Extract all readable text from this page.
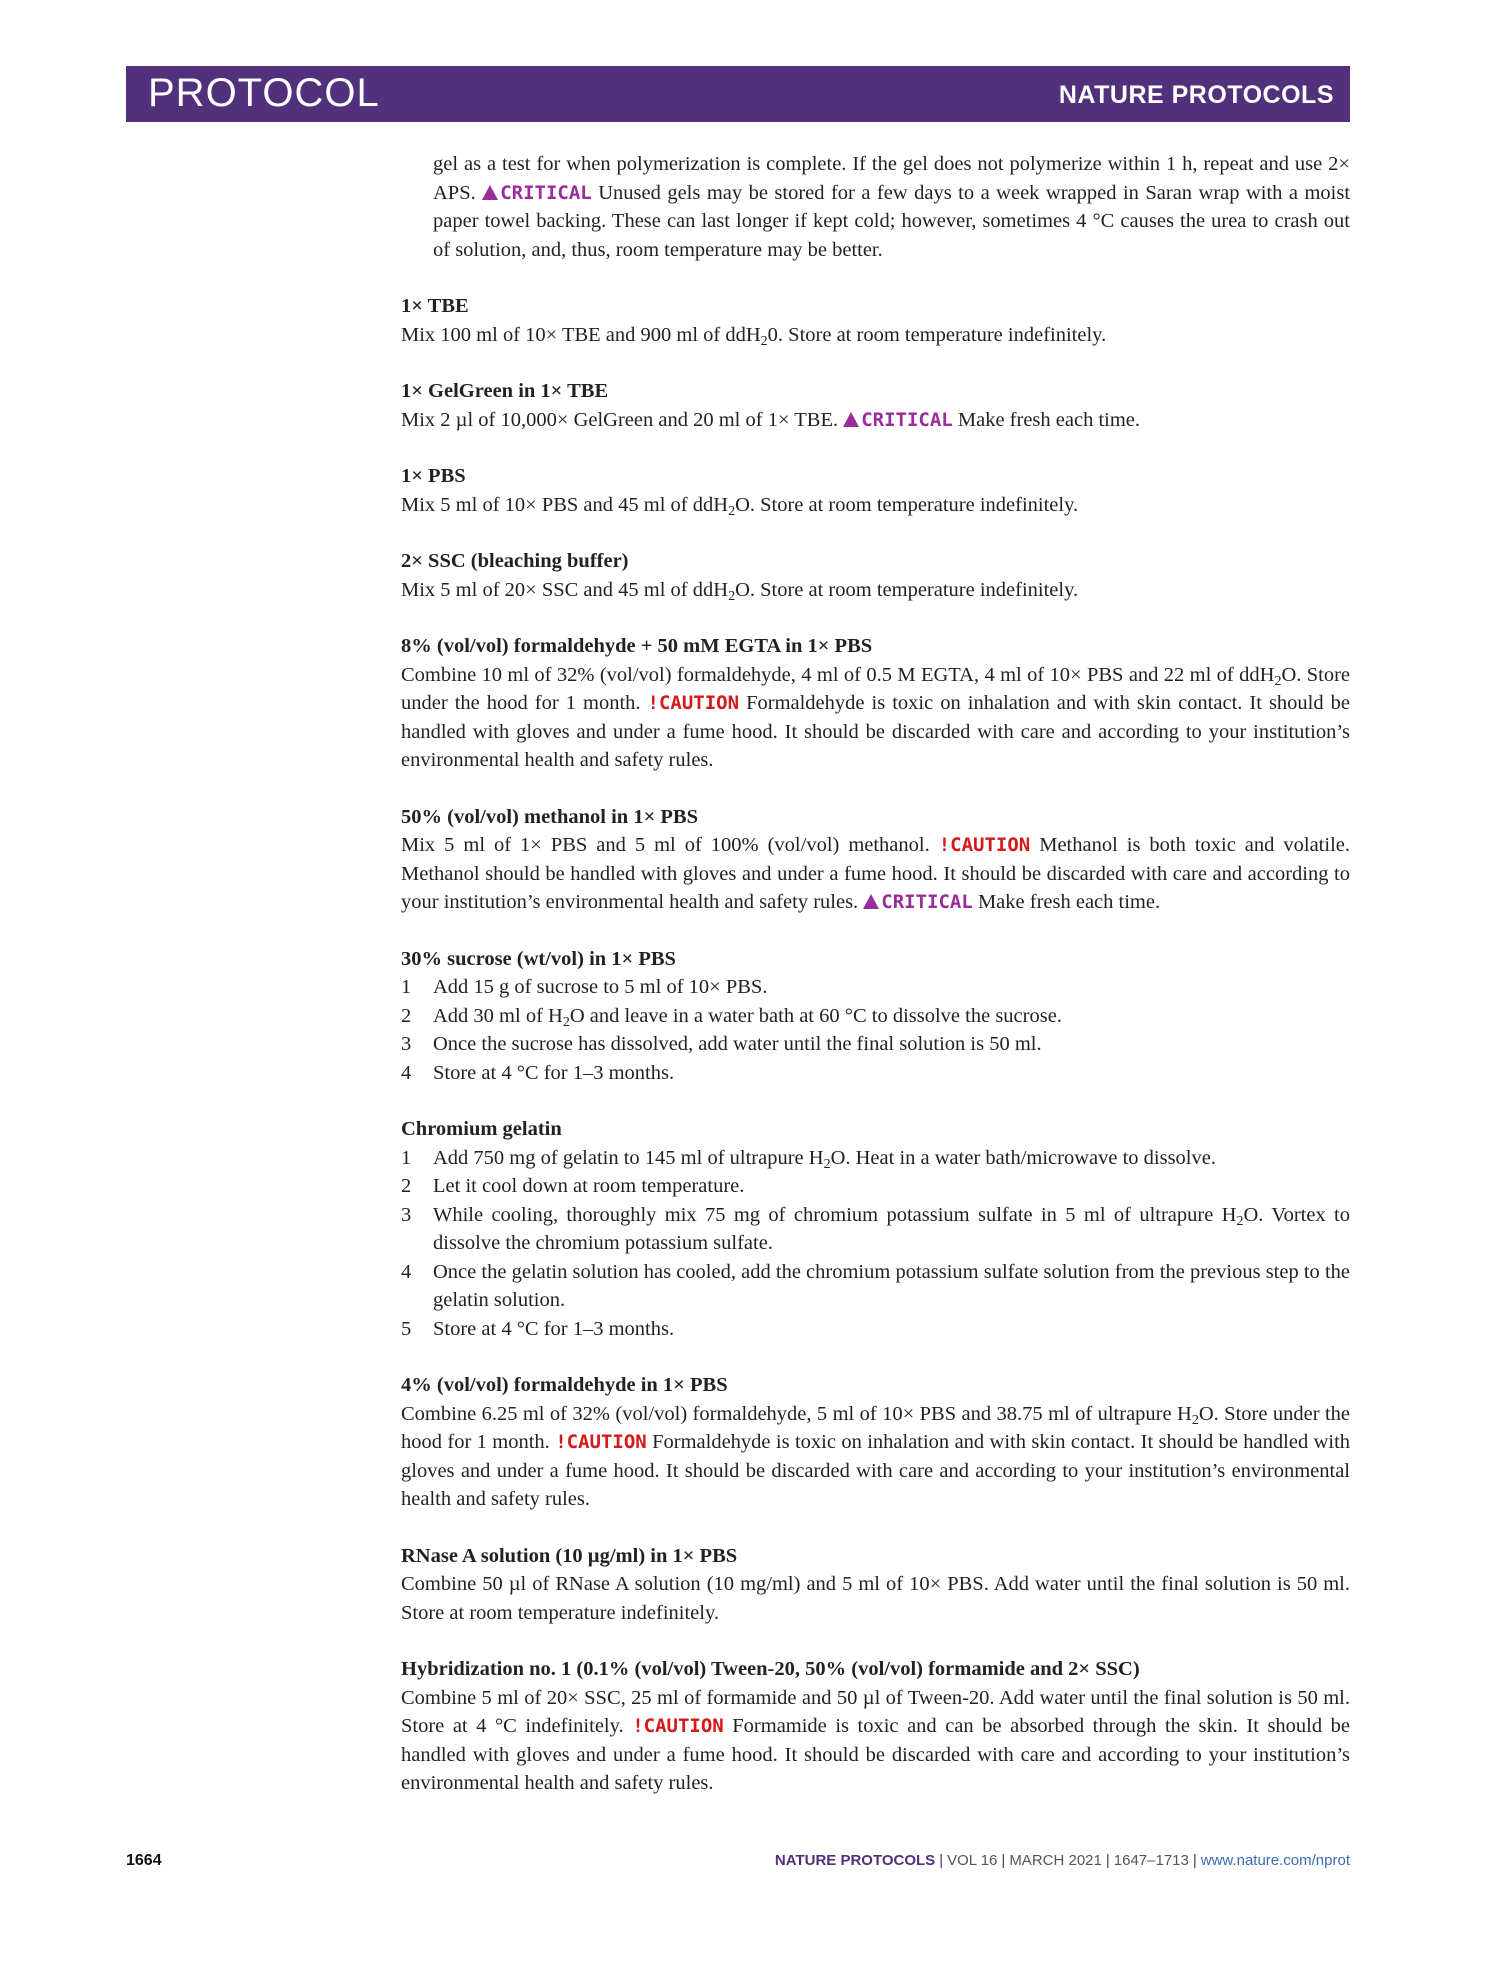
PROTOCOL	NATURE PROTOCOLS

gel as a test for when polymerization is complete. If the gel does not polymerize within 1 h, repeat and use 2× APS. CRITICAL Unused gels may be stored for a few days to a week wrapped in Saran wrap with a moist paper towel backing. These can last longer if kept cold; however, sometimes 4 °C causes the urea to crash out of solution, and, thus, room temperature may be better.

1× TBE

Mix 100 ml of 10× TBE and 900 ml of ddH$_2$0. Store at room temperature indefinitely.

1× GelGreen in 1× TBE

Mix 2 µl of 10,000× GelGreen and 20 ml of 1× TBE. CRITICAL Make fresh each time.

1× PBS

Mix 5 ml of 10× PBS and 45 ml of ddH$_2$O. Store at room temperature indefinitely.

2× SSC (bleaching buffer)

Mix 5 ml of 20× SSC and 45 ml of ddH$_2$O. Store at room temperature indefinitely.

8% (vol/vol) formaldehyde + 50 mM EGTA in 1× PBS

Combine 10 ml of 32% (vol/vol) formaldehyde, 4 ml of 0.5 M EGTA, 4 ml of 10× PBS and 22 ml of ddH$_2$O. Store under the hood for 1 month. !CAUTION Formaldehyde is toxic on inhalation and with skin contact. It should be handled with gloves and under a fume hood. It should be discarded with care and according to your institution’s environmental health and safety rules.

50% (vol/vol) methanol in 1× PBS

Mix 5 ml of 1× PBS and 5 ml of 100% (vol/vol) methanol. !CAUTION Methanol is both toxic and volatile. Methanol should be handled with gloves and under a fume hood. It should be discarded with care and according to your institution’s environmental health and safety rules. CRITICAL Make fresh each time.

30% sucrose (wt/vol) in 1× PBS

1 Add 15 g of sucrose to 5 ml of 10× PBS.
2 Add 30 ml of $H_2O$ and leave in a water bath at 60 °C to dissolve the sucrose.
3 Once the sucrose has dissolved, add water until the final solution is 50 ml.
4 Store at 4 °C for 1–3 months.

Chromium gelatin

1 Add 750 mg of gelatin to 145 ml of ultrapure $H_2O$. Heat in a water bath/microwave to dissolve.
2 Let it cool down at room temperature.
3 While cooling, thoroughly mix 75 mg of chromium potassium sulfate in 5 ml of ultrapure $H_2O$. Vortex to dissolve the chromium potassium sulfate.
4 Once the gelatin solution has cooled, add the chromium potassium sulfate solution from the previous step to the gelatin solution.
5 Store at 4 °C for 1–3 months.

4% (vol/vol) formaldehyde in 1× PBS

Combine 6.25 ml of 32% (vol/vol) formaldehyde, 5 ml of 10× PBS and 38.75 ml of ultrapure $H_2O$. Store under the hood for 1 month. !CAUTION Formaldehyde is toxic on inhalation and with skin contact. It should be handled with gloves and under a fume hood. It should be discarded with care and according to your institution’s environmental health and safety rules.

RNase A solution (10 µg/ml) in 1× PBS

Combine 50 µl of RNase A solution (10 mg/ml) and 5 ml of 10× PBS. Add water until the final solution is 50 ml. Store at room temperature indefinitely.

Hybridization no. 1 (0.1% (vol/vol) Tween-20, 50% (vol/vol) formamide and 2× SSC)

Combine 5 ml of 20× SSC, 25 ml of formamide and 50 µl of Tween-20. Add water until the final solution is 50 ml. Store at 4 °C indefinitely. !CAUTION Formamide is toxic and can be absorbed through the skin. It should be handled with gloves and under a fume hood. It should be discarded with care and according to your institution’s environmental health and safety rules.

1664	NATURE PROTOCOLS | VOL 16 | MARCH 2021 | 1647–1713 | www.nature.com/nprot
